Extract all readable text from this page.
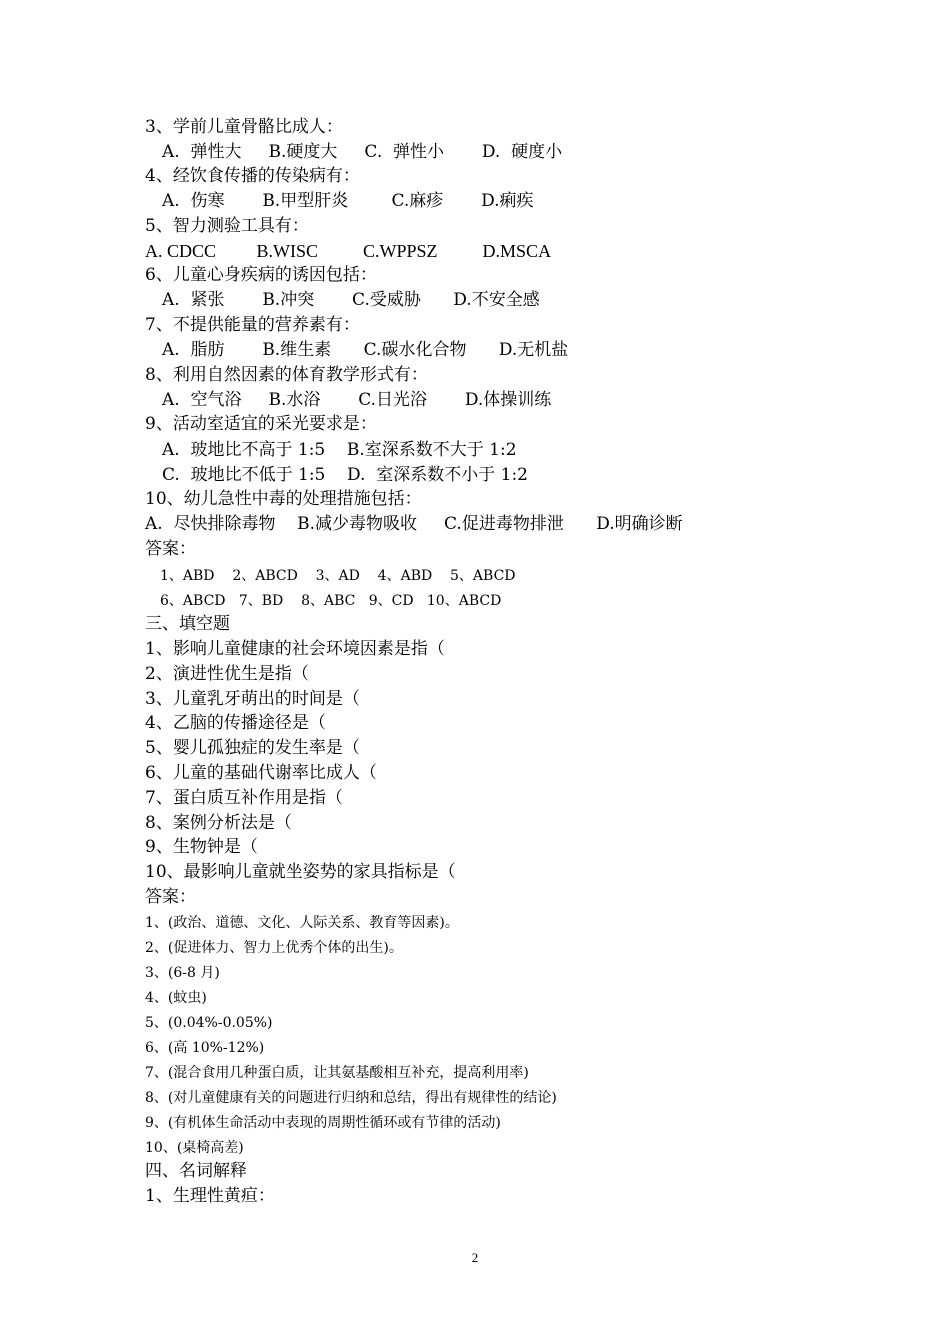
3、学前儿童骨骼比成人：
A.  弹性大     B.硬度大     C.  弹性小       D.  硬度小
4、经饮食传播的传染病有：
A.  伤寒       B.甲型肝炎        C.麻疹       D.痢疾
5、智力测验工具有：
A. CDCC         B.WISC          C.WPPSZ          D.MSCA
6、儿童心身疾病的诱因包括：
A.  紧张       B.冲突       C.受威胁      D.不安全感
7、不提供能量的营养素有：
A.  脂肪       B.维生素      C.碳水化合物      D.无机盐
8、利用自然因素的体育教学形式有：
A.  空气浴     B.水浴       C.日光浴       D.体操训练
9、活动室适宜的采光要求是：
A.  玻地比不高于 1:5    B.室深系数不大于 1:2
C.  玻地比不低于 1:5    D.  室深系数不小于 1:2
10、幼儿急性中毒的处理措施包括：
A.  尽快排除毒物    B.减少毒物吸收     C.促进毒物排泄      D.明确诊断
答案：
1、ABD    2、ABCD    3、AD    4、ABD    5、ABCD
6、ABCD   7、BD    8、ABC   9、CD   10、ABCD
三、填空题
1、影响儿童健康的社会环境因素是指（
2、演进性优生是指（
3、儿童乳牙萌出的时间是（
4、乙脑的传播途径是（
5、婴儿孤独症的发生率是（
6、儿童的基础代谢率比成人（
7、蛋白质互补作用是指（
8、案例分析法是（
9、生物钟是（
10、最影响儿童就坐姿势的家具指标是（
答案：
1、(政治、道德、文化、人际关系、教育等因素)。
2、(促进体力、智力上优秀个体的出生)。
3、(6-8 月)
4、(蚊虫)
5、(0.04%-0.05%)
6、(高 10%-12%)
7、(混合食用几种蛋白质，让其氨基酸相互补充，提高利用率)
8、(对儿童健康有关的问题进行归纳和总结，得出有规律性的结论)
9、(有机体生命活动中表现的周期性循环或有节律的活动)
10、(桌椅高差)
四、名词解释
1、生理性黄疸：
2
